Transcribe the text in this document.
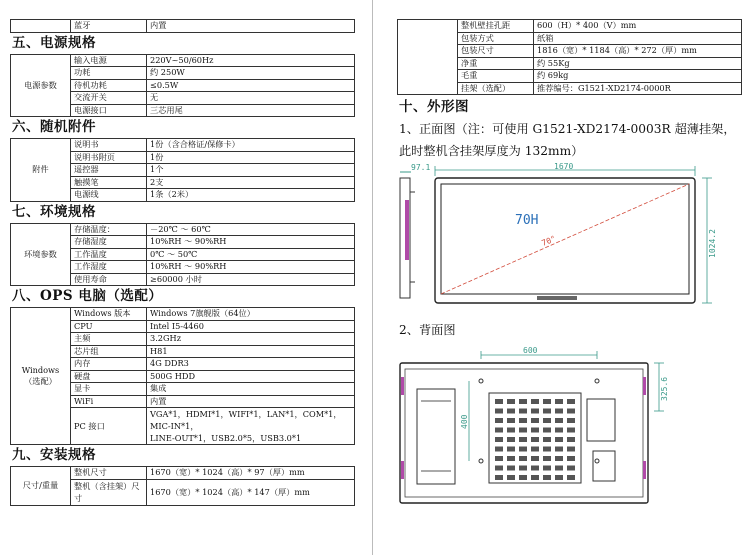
	蓝牙	内置
五、电源规格
电源参数	输入电源	220V~50/60Hz
	功耗	约 250W
	待机功耗	≤0.5W
	交流开关	无
	电源接口	三芯用尾
六、随机附件
附件	说明书	1份（含合格证/保修卡）
	说明书附页	1份
	遥控器	1个
	触摸笔	2支
	电源线	1条（2米）
七、环境规格
环境参数	存储温度：	－20℃ ～ 60℃
	存储湿度	10%RH ～ 90%RH
	工作温度	0℃ ～ 50℃
	工作湿度	10%RH ～ 90%RH
	使用寿命	≥60000 小时
八、OPS 电脑（选配）
Windows
（选配）	Windows 版本	Windows 7旗舰版（64位）
	CPU	Intel I5-4460
	主频	3.2GHz
	芯片组	H81
	内存	4G DDR3
	硬盘	500G HDD
	显卡	集成
	WiFi	内置
	PC 接口	VGA*1，HDMI*1，WIFI*1，LAN*1，COM*1，MIC-IN*1，
LINE-OUT*1，USB2.0*5，USB3.0*1
九、安装规格
尺寸/重量	整机尺寸	1670（宽）* 1024（高）* 97（厚）mm
	整机（含挂架）尺寸	1670（宽）* 1024（高）* 147（厚）mm
	整机壁挂孔距	600（H）* 400（V）mm
	包装方式	纸箱
	包装尺寸	1816（宽）* 1184（高）* 272（厚）mm
	净重	约 55Kg
	毛重	约 69kg
	挂架（选配）	推荐编号：G1521-XD2174-0000R
十、外形图
1、正面图（注：可使用 G1521-XD2174-0003R 超薄挂架，
此时整机含挂架厚度为 132mm）
97.1	1670
70H
70"	1024.2
2、背面图
600
400
325.6
